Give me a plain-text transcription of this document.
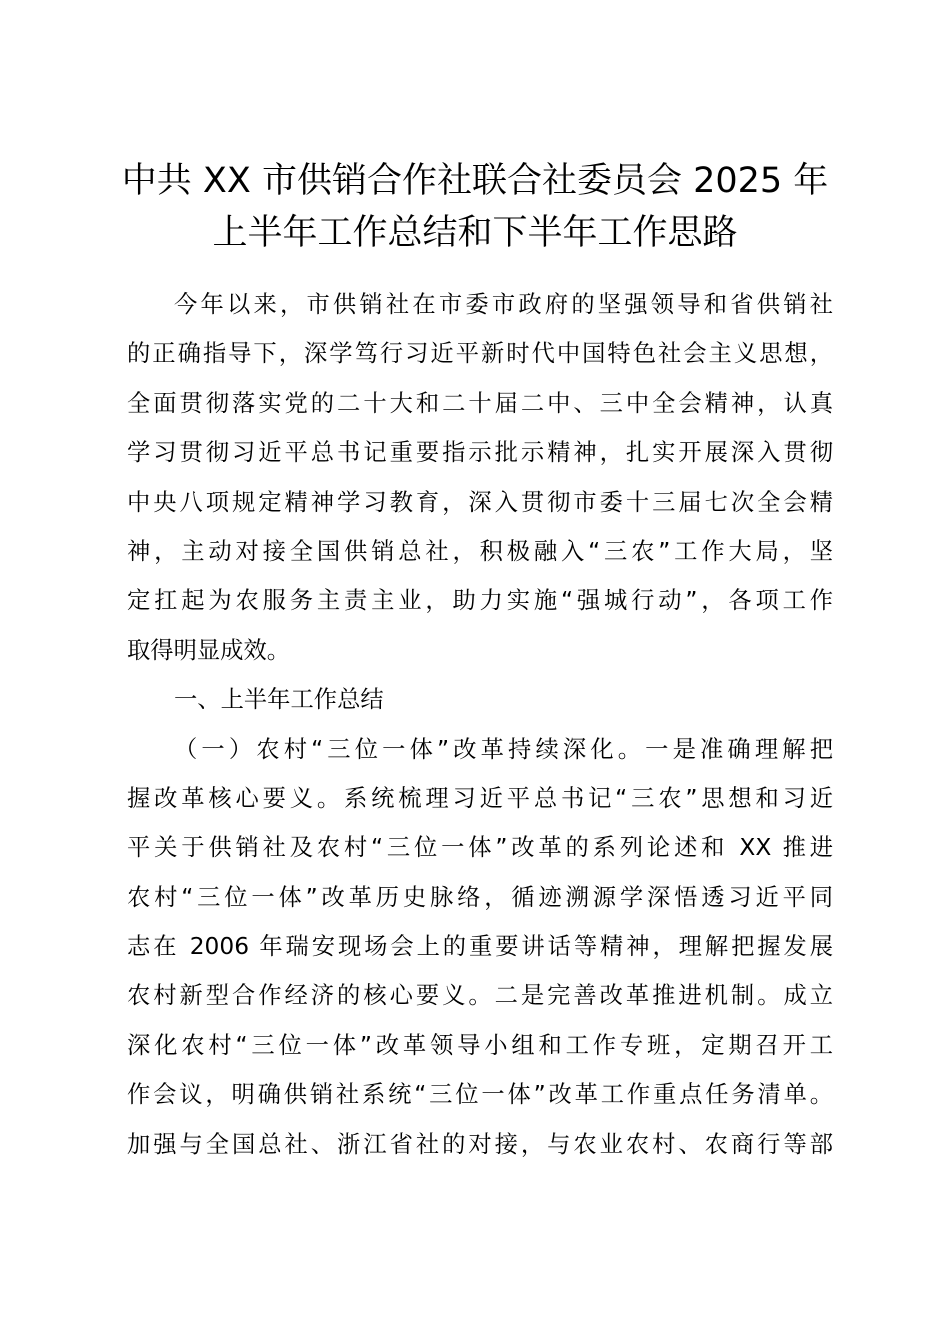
中共 XX 市供销合作社联合社委员会 2025 年
上半年工作总结和下半年工作思路
今年以来，市供销社在市委市政府的坚强领导和省供销社
的正确指导下，深学笃行习近平新时代中国特色社会主义思想，
全面贯彻落实党的二十大和二十届二中、三中全会精神，认真
学习贯彻习近平总书记重要指示批示精神，扎实开展深入贯彻
中央八项规定精神学习教育，深入贯彻市委十三届七次全会精
神，主动对接全国供销总社，积极融入“三农”工作大局，坚
定扛起为农服务主责主业，助力实施“强城行动”，各项工作
取得明显成效。
一、上半年工作总结
（一）农村“三位一体”改革持续深化。一是准确理解把
握改革核心要义。系统梳理习近平总书记“三农”思想和习近
平关于供销社及农村“三位一体”改革的系列论述和 XX 推进
农村“三位一体”改革历史脉络，循迹溯源学深悟透习近平同
志在 2006 年瑞安现场会上的重要讲话等精神，理解把握发展
农村新型合作经济的核心要义。二是完善改革推进机制。成立
深化农村“三位一体”改革领导小组和工作专班，定期召开工
作会议，明确供销社系统“三位一体”改革工作重点任务清单。
加强与全国总社、浙江省社的对接，与农业农村、农商行等部
